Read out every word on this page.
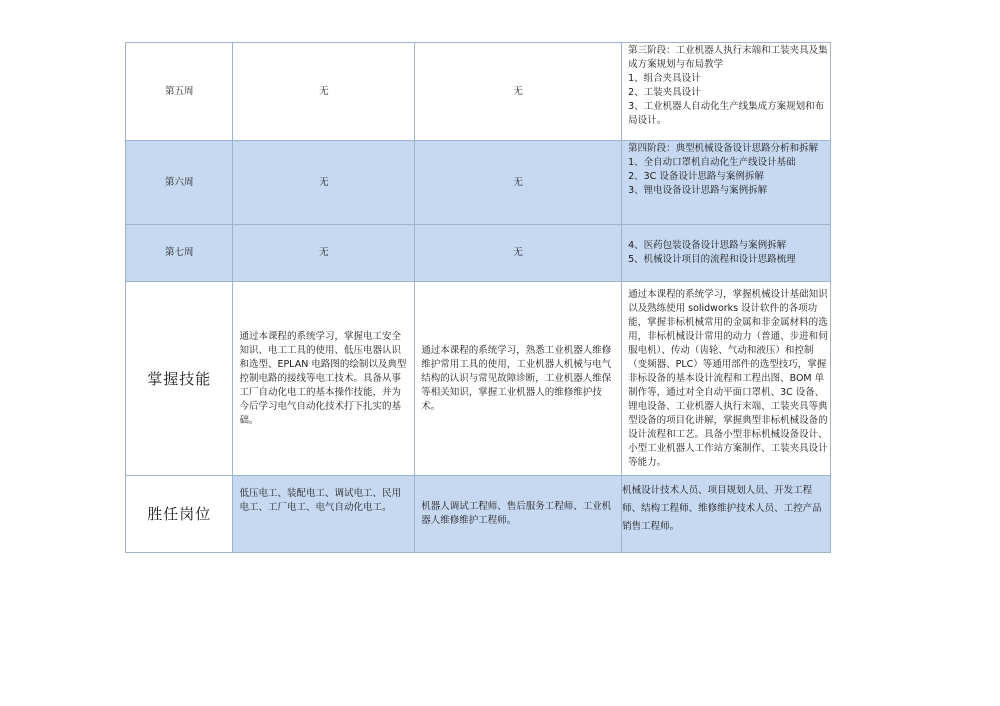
第五周	无	无	第三阶段：工业机器人执行末端和工装夹具及集成方案规划与布局教学
1、组合夹具设计
2、工装夹具设计
3、工业机器人自动化生产线集成方案规划和布局设计。

第六周	无	无	第四阶段：典型机械设备设计思路分析和拆解
1、全自动口罩机自动化生产线设计基础
2、3C 设备设计思路与案例拆解
3、锂电设备设计思路与案例拆解

第七周	无	无	4、医药包装设备设计思路与案例拆解
5、机械设计项目的流程和设计思路梳理

掌握技能	通过本课程的系统学习，掌握电工安全知识、电工工具的使用、低压电器认识和选型、EPLAN 电路图的绘制以及典型控制电路的接线等电工技术。具备从事工厂自动化电工的基本操作技能，并为今后学习电气自动化技术打下扎实的基础。	通过本课程的系统学习，熟悉工业机器人维修维护常用工具的使用，工业机器人机械与电气结构的认识与常见故障诊断，工业机器人维保等相关知识，掌握工业机器人的维修维护技术。	通过本课程的系统学习，掌握机械设计基础知识以及熟练使用 solidworks 设计软件的各项功能，掌握非标机械常用的金属和非金属材料的选用，非标机械设计常用的动力（普通、步进和伺服电机）、传动（齿轮、气动和液压）和控制（变频器、PLC）等通用部件的选型技巧，掌握非标设备的基本设计流程和工程出图、BOM 单制作等，通过对全自动平面口罩机、3C 设备、锂电设备、工业机器人执行末端、工装夹具等典型设备的项目化讲解，掌握典型非标机械设备的设计流程和工艺。具备小型非标机械设备设计、小型工业机器人工作站方案制作、工装夹具设计等能力。
胜任岗位	低压电工、装配电工、调试电工、民用电工、工厂电工、电气自动化电工。	机器人调试工程师、售后服务工程师、工业机器人维修维护工程师。	机械设计技术人员、项目规划人员、开发工程师、结构工程师、维修维护技术人员、工控产品销售工程师。
